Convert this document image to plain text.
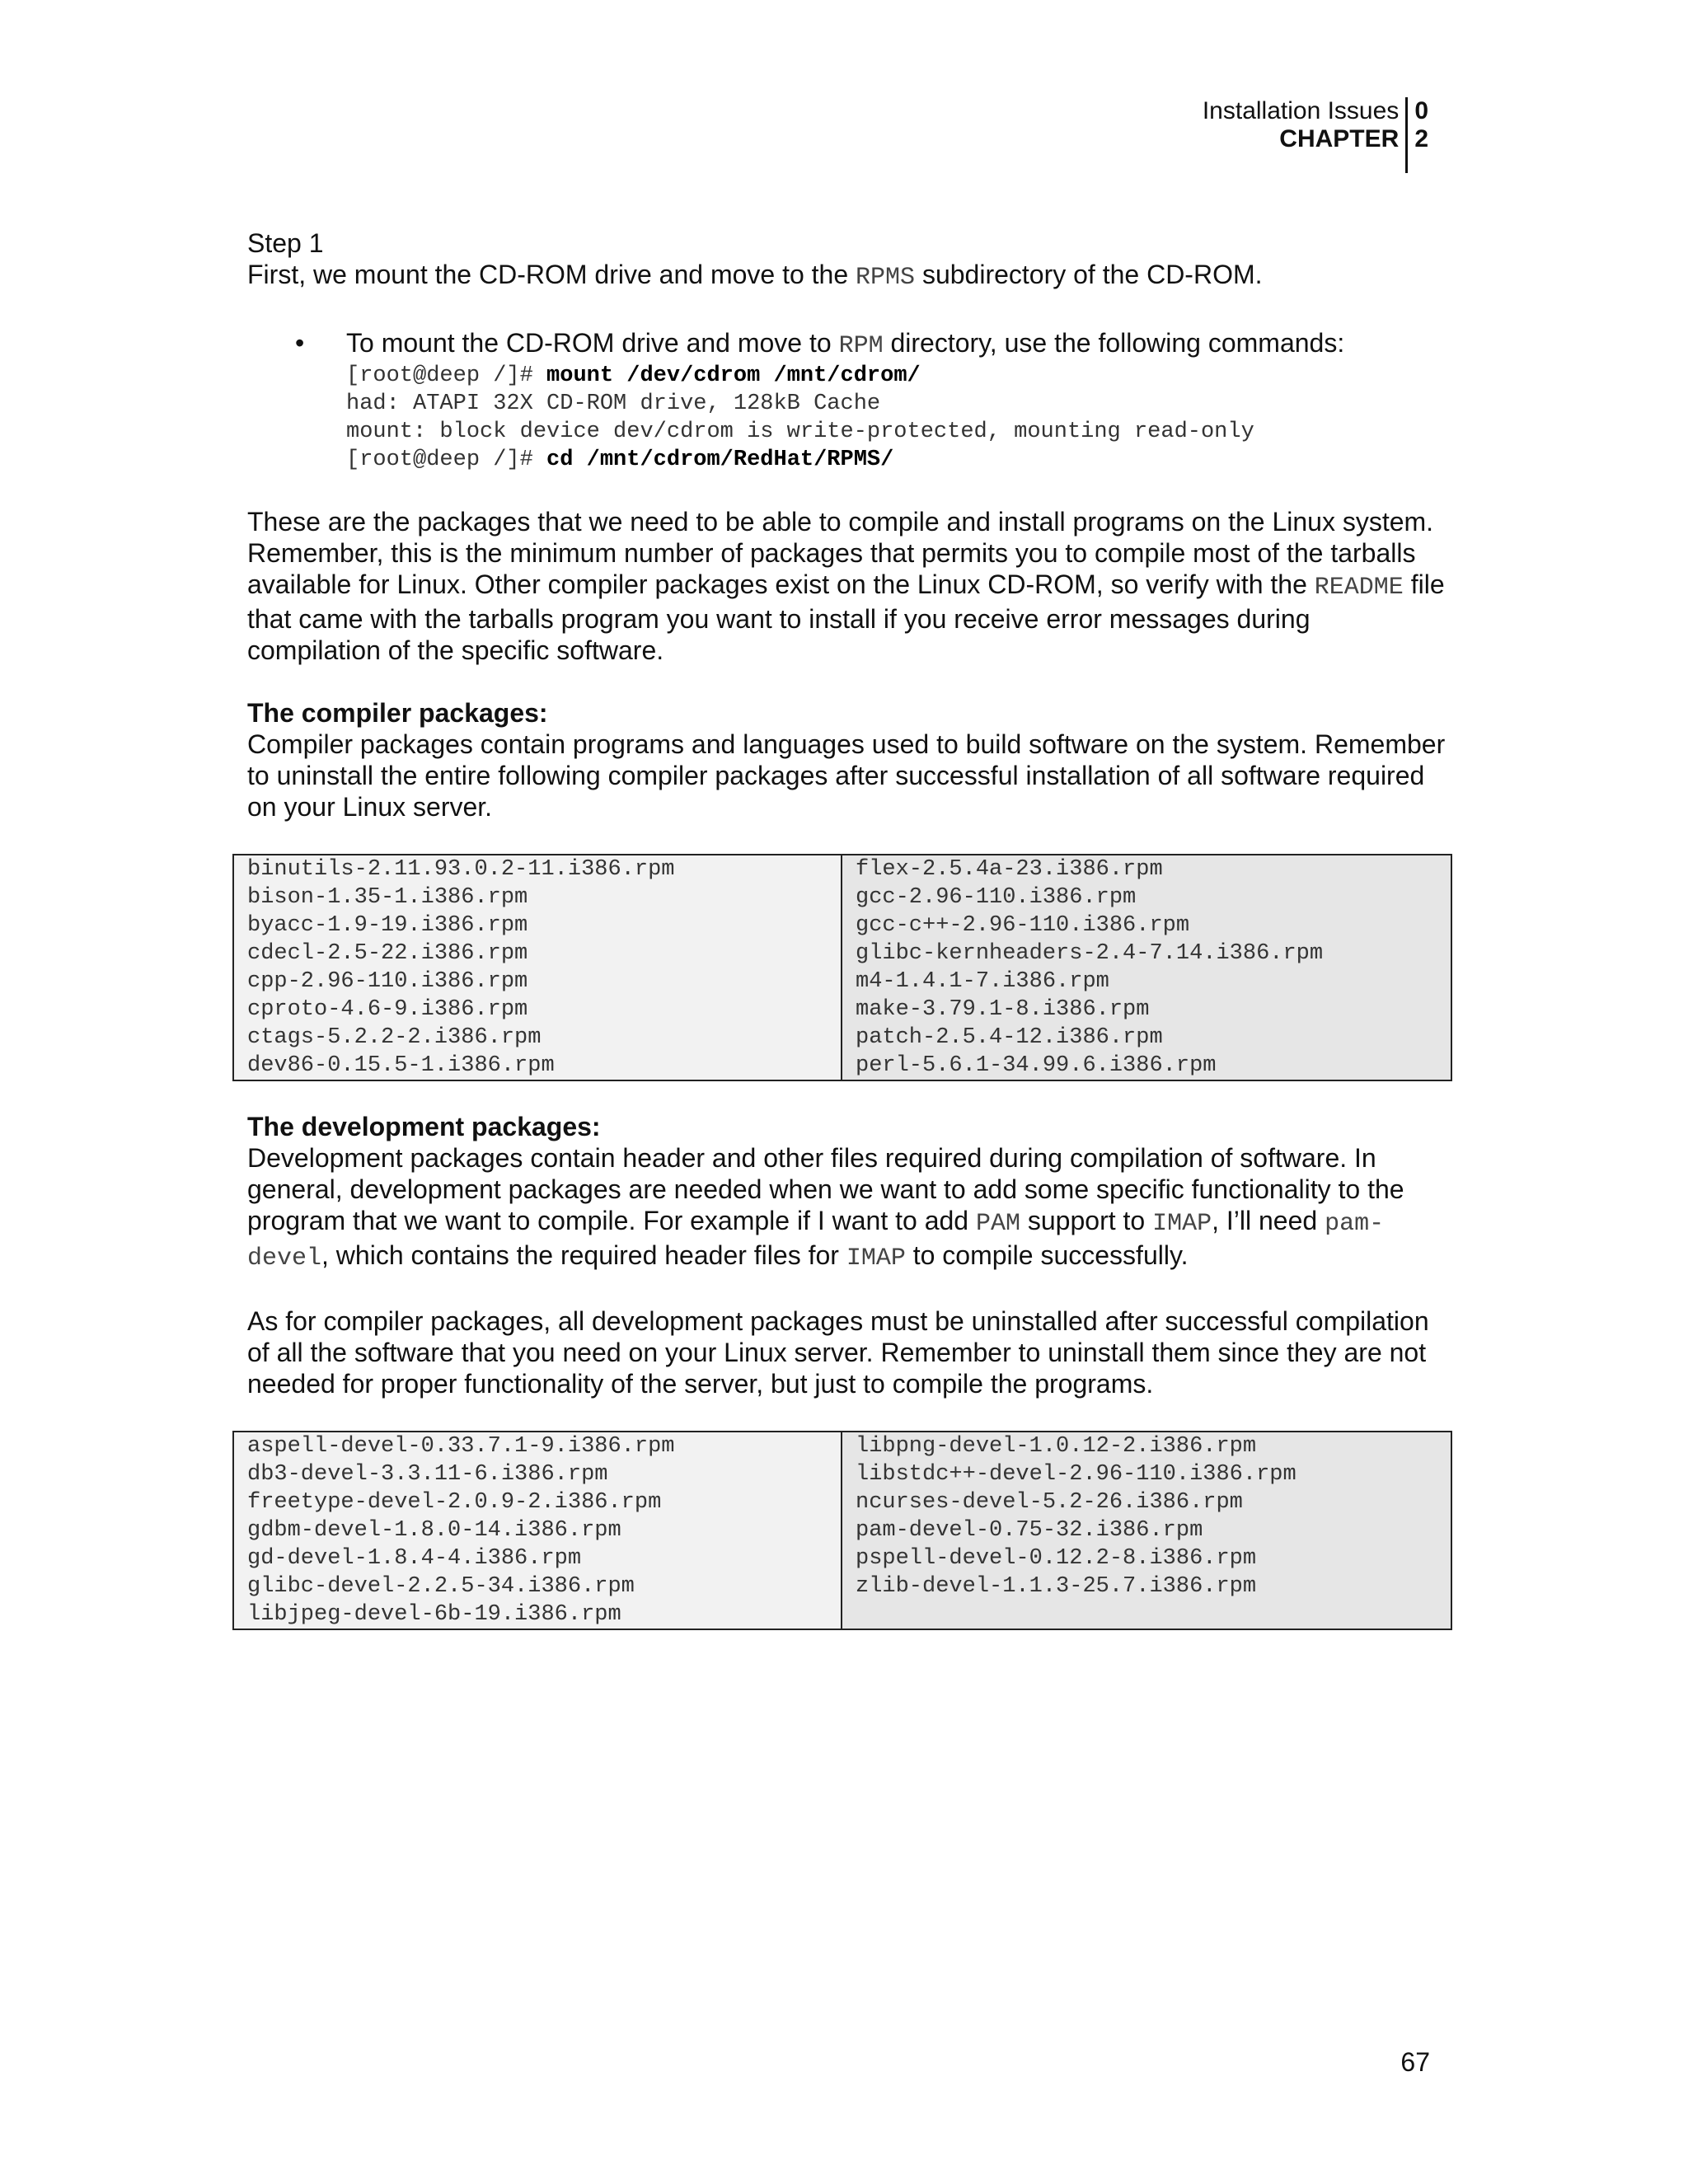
Installation Issues
CHAPTER
0
2

Step 1

First, we mount the CD-ROM drive and move to the RPMS subdirectory of the CD-ROM.

• To mount the CD-ROM drive and move to RPM directory, use the following commands:
[root@deep /]# mount /dev/cdrom /mnt/cdrom/
had: ATAPI 32X CD-ROM drive, 128kB Cache
mount: block device dev/cdrom is write-protected, mounting read-only
[root@deep /]# cd /mnt/cdrom/RedHat/RPMS/

These are the packages that we need to be able to compile and install programs on the Linux system. Remember, this is the minimum number of packages that permits you to compile most of the tarballs available for Linux. Other compiler packages exist on the Linux CD-ROM, so verify with the README file that came with the tarballs program you want to install if you receive error messages during compilation of the specific software.

The compiler packages:

Compiler packages contain programs and languages used to build software on the system. Remember to uninstall the entire following compiler packages after successful installation of all software required on your Linux server.

binutils-2.11.93.0.2-11.i386.rpm
bison-1.35-1.i386.rpm
byacc-1.9-19.i386.rpm
cdecl-2.5-22.i386.rpm
cpp-2.96-110.i386.rpm
cproto-4.6-9.i386.rpm
ctags-5.2.2-2.i386.rpm
dev86-0.15.5-1.i386.rpm
flex-2.5.4a-23.i386.rpm
gcc-2.96-110.i386.rpm
gcc-c++-2.96-110.i386.rpm
glibc-kernheaders-2.4-7.14.i386.rpm
m4-1.4.1-7.i386.rpm
make-3.79.1-8.i386.rpm
patch-2.5.4-12.i386.rpm
perl-5.6.1-34.99.6.i386.rpm

The development packages:

Development packages contain header and other files required during compilation of software. In general, development packages are needed when we want to add some specific functionality to the program that we want to compile. For example if I want to add PAM support to IMAP, I’ll need pam-devel, which contains the required header files for IMAP to compile successfully.

As for compiler packages, all development packages must be uninstalled after successful compilation of all the software that you need on your Linux server. Remember to uninstall them since they are not needed for proper functionality of the server, but just to compile the programs.

aspell-devel-0.33.7.1-9.i386.rpm
db3-devel-3.3.11-6.i386.rpm
freetype-devel-2.0.9-2.i386.rpm
gdbm-devel-1.8.0-14.i386.rpm
gd-devel-1.8.4-4.i386.rpm
glibc-devel-2.2.5-34.i386.rpm
libjpeg-devel-6b-19.i386.rpm
libpng-devel-1.0.12-2.i386.rpm
libstdc++-devel-2.96-110.i386.rpm
ncurses-devel-5.2-26.i386.rpm
pam-devel-0.75-32.i386.rpm
pspell-devel-0.12.2-8.i386.rpm
zlib-devel-1.1.3-25.7.i386.rpm
67
